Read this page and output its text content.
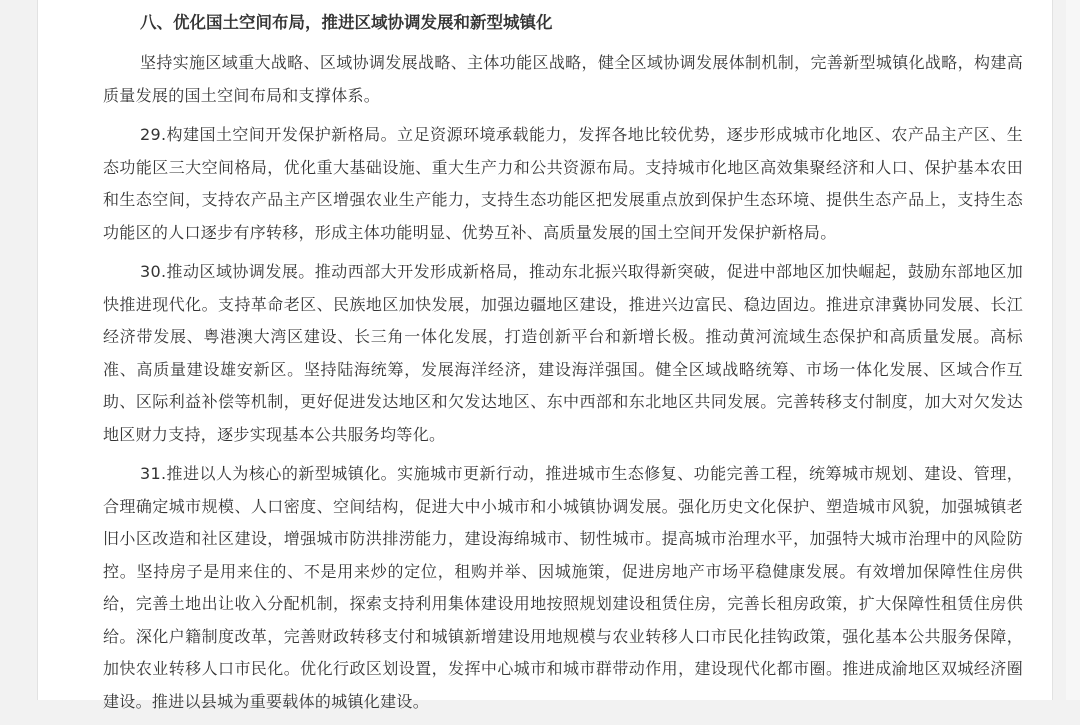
八、优化国土空间布局，推进区域协调发展和新型城镇化

坚持实施区域重大战略、区域协调发展战略、主体功能区战略，健全区域协调发展体制机制，完善新型城镇化战略，构建高质量发展的国土空间布局和支撑体系。

29.构建国土空间开发保护新格局。立足资源环境承载能力，发挥各地比较优势，逐步形成城市化地区、农产品主产区、生态功能区三大空间格局，优化重大基础设施、重大生产力和公共资源布局。支持城市化地区高效集聚经济和人口、保护基本农田和生态空间，支持农产品主产区增强农业生产能力，支持生态功能区把发展重点放到保护生态环境、提供生态产品上，支持生态功能区的人口逐步有序转移，形成主体功能明显、优势互补、高质量发展的国土空间开发保护新格局。

30.推动区域协调发展。推动西部大开发形成新格局，推动东北振兴取得新突破，促进中部地区加快崛起，鼓励东部地区加快推进现代化。支持革命老区、民族地区加快发展，加强边疆地区建设，推进兴边富民、稳边固边。推进京津冀协同发展、长江经济带发展、粤港澳大湾区建设、长三角一体化发展，打造创新平台和新增长极。推动黄河流域生态保护和高质量发展。高标准、高质量建设雄安新区。坚持陆海统筹，发展海洋经济，建设海洋强国。健全区域战略统筹、市场一体化发展、区域合作互助、区际利益补偿等机制，更好促进发达地区和欠发达地区、东中西部和东北地区共同发展。完善转移支付制度，加大对欠发达地区财力支持，逐步实现基本公共服务均等化。

31.推进以人为核心的新型城镇化。实施城市更新行动，推进城市生态修复、功能完善工程，统筹城市规划、建设、管理，合理确定城市规模、人口密度、空间结构，促进大中小城市和小城镇协调发展。强化历史文化保护、塑造城市风貌，加强城镇老旧小区改造和社区建设，增强城市防洪排涝能力，建设海绵城市、韧性城市。提高城市治理水平，加强特大城市治理中的风险防控。坚持房子是用来住的、不是用来炒的定位，租购并举、因城施策，促进房地产市场平稳健康发展。有效增加保障性住房供给，完善土地出让收入分配机制，探索支持利用集体建设用地按照规划建设租赁住房，完善长租房政策，扩大保障性租赁住房供给。深化户籍制度改革，完善财政转移支付和城镇新增建设用地规模与农业转移人口市民化挂钩政策，强化基本公共服务保障，加快农业转移人口市民化。优化行政区划设置，发挥中心城市和城市群带动作用，建设现代化都市圈。推进成渝地区双城经济圈建设。推进以县城为重要载体的城镇化建设。
